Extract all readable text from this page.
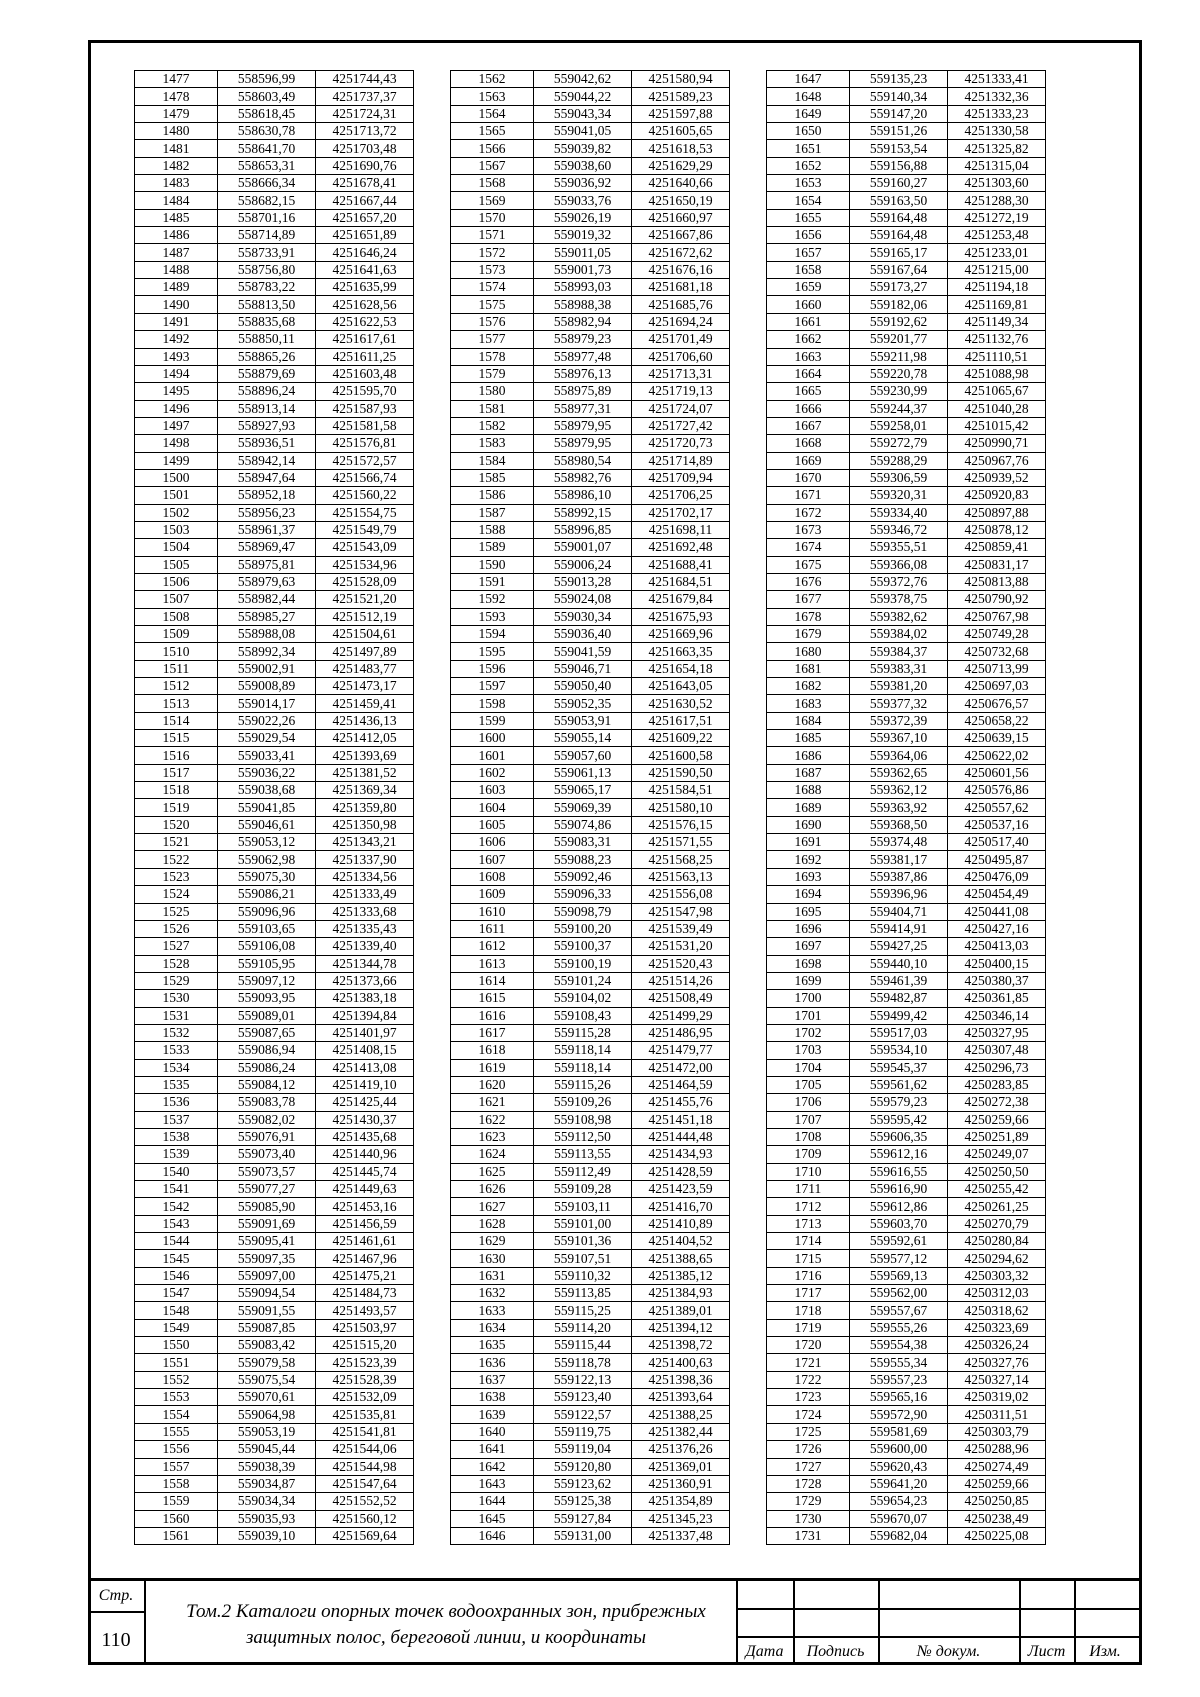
1477	558596,99	4251744,43
1478	558603,49	4251737,37
1479	558618,45	4251724,31
1480	558630,78	4251713,72
1481	558641,70	4251703,48
1482	558653,31	4251690,76
1483	558666,34	4251678,41
1484	558682,15	4251667,44
1485	558701,16	4251657,20
1486	558714,89	4251651,89
1487	558733,91	4251646,24
1488	558756,80	4251641,63
1489	558783,22	4251635,99
1490	558813,50	4251628,56
1491	558835,68	4251622,53
1492	558850,11	4251617,61
1493	558865,26	4251611,25
1494	558879,69	4251603,48
1495	558896,24	4251595,70
1496	558913,14	4251587,93
1497	558927,93	4251581,58
1498	558936,51	4251576,81
1499	558942,14	4251572,57
1500	558947,64	4251566,74
1501	558952,18	4251560,22
1502	558956,23	4251554,75
1503	558961,37	4251549,79
1504	558969,47	4251543,09
1505	558975,81	4251534,96
1506	558979,63	4251528,09
1507	558982,44	4251521,20
1508	558985,27	4251512,19
1509	558988,08	4251504,61
1510	558992,34	4251497,89
1511	559002,91	4251483,77
1512	559008,89	4251473,17
1513	559014,17	4251459,41
1514	559022,26	4251436,13
1515	559029,54	4251412,05
1516	559033,41	4251393,69
1517	559036,22	4251381,52
1518	559038,68	4251369,34
1519	559041,85	4251359,80
1520	559046,61	4251350,98
1521	559053,12	4251343,21
1522	559062,98	4251337,90
1523	559075,30	4251334,56
1524	559086,21	4251333,49
1525	559096,96	4251333,68
1526	559103,65	4251335,43
1527	559106,08	4251339,40
1528	559105,95	4251344,78
1529	559097,12	4251373,66
1530	559093,95	4251383,18
1531	559089,01	4251394,84
1532	559087,65	4251401,97
1533	559086,94	4251408,15
1534	559086,24	4251413,08
1535	559084,12	4251419,10
1536	559083,78	4251425,44
1537	559082,02	4251430,37
1538	559076,91	4251435,68
1539	559073,40	4251440,96
1540	559073,57	4251445,74
1541	559077,27	4251449,63
1542	559085,90	4251453,16
1543	559091,69	4251456,59
1544	559095,41	4251461,61
1545	559097,35	4251467,96
1546	559097,00	4251475,21
1547	559094,54	4251484,73
1548	559091,55	4251493,57
1549	559087,85	4251503,97
1550	559083,42	4251515,20
1551	559079,58	4251523,39
1552	559075,54	4251528,39
1553	559070,61	4251532,09
1554	559064,98	4251535,81
1555	559053,19	4251541,81
1556	559045,44	4251544,06
1557	559038,39	4251544,98
1558	559034,87	4251547,64
1559	559034,34	4251552,52
1560	559035,93	4251560,12
1561	559039,10	4251569,64
1562	559042,62	4251580,94
1563	559044,22	4251589,23
1564	559043,34	4251597,88
1565	559041,05	4251605,65
1566	559039,82	4251618,53
1567	559038,60	4251629,29
1568	559036,92	4251640,66
1569	559033,76	4251650,19
1570	559026,19	4251660,97
1571	559019,32	4251667,86
1572	559011,05	4251672,62
1573	559001,73	4251676,16
1574	558993,03	4251681,18
1575	558988,38	4251685,76
1576	558982,94	4251694,24
1577	558979,23	4251701,49
1578	558977,48	4251706,60
1579	558976,13	4251713,31
1580	558975,89	4251719,13
1581	558977,31	4251724,07
1582	558979,95	4251727,42
1583	558979,95	4251720,73
1584	558980,54	4251714,89
1585	558982,76	4251709,94
1586	558986,10	4251706,25
1587	558992,15	4251702,17
1588	558996,85	4251698,11
1589	559001,07	4251692,48
1590	559006,24	4251688,41
1591	559013,28	4251684,51
1592	559024,08	4251679,84
1593	559030,34	4251675,93
1594	559036,40	4251669,96
1595	559041,59	4251663,35
1596	559046,71	4251654,18
1597	559050,40	4251643,05
1598	559052,35	4251630,52
1599	559053,91	4251617,51
1600	559055,14	4251609,22
1601	559057,60	4251600,58
1602	559061,13	4251590,50
1603	559065,17	4251584,51
1604	559069,39	4251580,10
1605	559074,86	4251576,15
1606	559083,31	4251571,55
1607	559088,23	4251568,25
1608	559092,46	4251563,13
1609	559096,33	4251556,08
1610	559098,79	4251547,98
1611	559100,20	4251539,49
1612	559100,37	4251531,20
1613	559100,19	4251520,43
1614	559101,24	4251514,26
1615	559104,02	4251508,49
1616	559108,43	4251499,29
1617	559115,28	4251486,95
1618	559118,14	4251479,77
1619	559118,14	4251472,00
1620	559115,26	4251464,59
1621	559109,26	4251455,76
1622	559108,98	4251451,18
1623	559112,50	4251444,48
1624	559113,55	4251434,93
1625	559112,49	4251428,59
1626	559109,28	4251423,59
1627	559103,11	4251416,70
1628	559101,00	4251410,89
1629	559101,36	4251404,52
1630	559107,51	4251388,65
1631	559110,32	4251385,12
1632	559113,85	4251384,93
1633	559115,25	4251389,01
1634	559114,20	4251394,12
1635	559115,44	4251398,72
1636	559118,78	4251400,63
1637	559122,13	4251398,36
1638	559123,40	4251393,64
1639	559122,57	4251388,25
1640	559119,75	4251382,44
1641	559119,04	4251376,26
1642	559120,80	4251369,01
1643	559123,62	4251360,91
1644	559125,38	4251354,89
1645	559127,84	4251345,23
1646	559131,00	4251337,48
1647	559135,23	4251333,41
1648	559140,34	4251332,36
1649	559147,20	4251333,23
1650	559151,26	4251330,58
1651	559153,54	4251325,82
1652	559156,88	4251315,04
1653	559160,27	4251303,60
1654	559163,50	4251288,30
1655	559164,48	4251272,19
1656	559164,48	4251253,48
1657	559165,17	4251233,01
1658	559167,64	4251215,00
1659	559173,27	4251194,18
1660	559182,06	4251169,81
1661	559192,62	4251149,34
1662	559201,77	4251132,76
1663	559211,98	4251110,51
1664	559220,78	4251088,98
1665	559230,99	4251065,67
1666	559244,37	4251040,28
1667	559258,01	4251015,42
1668	559272,79	4250990,71
1669	559288,29	4250967,76
1670	559306,59	4250939,52
1671	559320,31	4250920,83
1672	559334,40	4250897,88
1673	559346,72	4250878,12
1674	559355,51	4250859,41
1675	559366,08	4250831,17
1676	559372,76	4250813,88
1677	559378,75	4250790,92
1678	559382,62	4250767,98
1679	559384,02	4250749,28
1680	559384,37	4250732,68
1681	559383,31	4250713,99
1682	559381,20	4250697,03
1683	559377,32	4250676,57
1684	559372,39	4250658,22
1685	559367,10	4250639,15
1686	559364,06	4250622,02
1687	559362,65	4250601,56
1688	559362,12	4250576,86
1689	559363,92	4250557,62
1690	559368,50	4250537,16
1691	559374,48	4250517,40
1692	559381,17	4250495,87
1693	559387,86	4250476,09
1694	559396,96	4250454,49
1695	559404,71	4250441,08
1696	559414,91	4250427,16
1697	559427,25	4250413,03
1698	559440,10	4250400,15
1699	559461,39	4250380,37
1700	559482,87	4250361,85
1701	559499,42	4250346,14
1702	559517,03	4250327,95
1703	559534,10	4250307,48
1704	559545,37	4250296,73
1705	559561,62	4250283,85
1706	559579,23	4250272,38
1707	559595,42	4250259,66
1708	559606,35	4250251,89
1709	559612,16	4250249,07
1710	559616,55	4250250,50
1711	559616,90	4250255,42
1712	559612,86	4250261,25
1713	559603,70	4250270,79
1714	559592,61	4250280,84
1715	559577,12	4250294,62
1716	559569,13	4250303,32
1717	559562,00	4250312,03
1718	559557,67	4250318,62
1719	559555,26	4250323,69
1720	559554,38	4250326,24
1721	559555,34	4250327,76
1722	559557,23	4250327,14
1723	559565,16	4250319,02
1724	559572,90	4250311,51
1725	559581,69	4250303,79
1726	559600,00	4250288,96
1727	559620,43	4250274,49
1728	559641,20	4250259,66
1729	559654,23	4250250,85
1730	559670,07	4250238,49
1731	559682,04	4250225,08
Стр.
110
Том.2 Каталоги опорных точек водоохранных зон, прибрежных
защитных полос, береговой линии, и координаты
Дата	Подпись	№ докум.	Лист	Изм.
